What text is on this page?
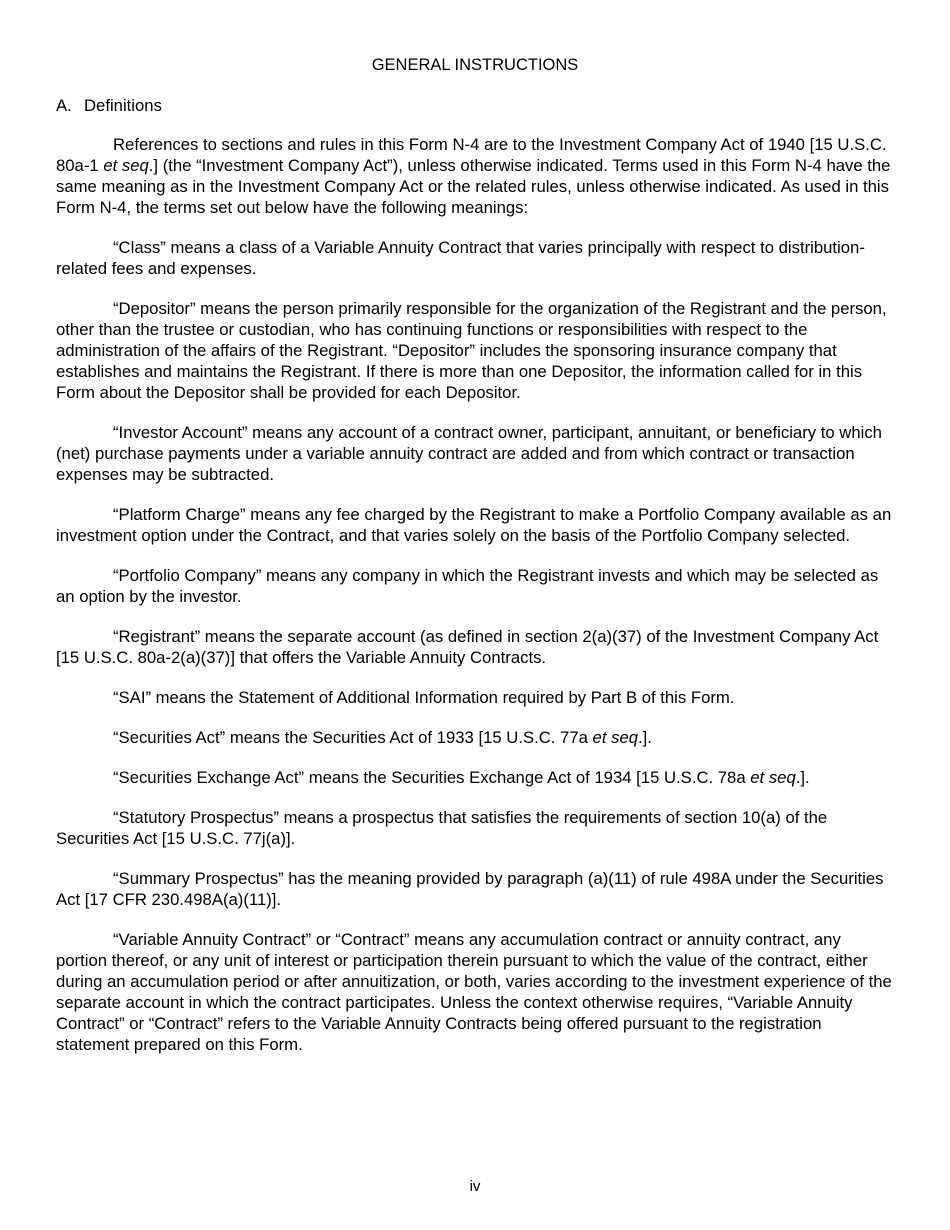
GENERAL INSTRUCTIONS
A. Definitions

References to sections and rules in this Form N-4 are to the Investment Company Act of 1940 [15 U.S.C. 80a-1 et seq.] (the “Investment Company Act”), unless otherwise indicated. Terms used in this Form N-4 have the same meaning as in the Investment Company Act or the related rules, unless otherwise indicated. As used in this Form N-4, the terms set out below have the following meanings:

“Class” means a class of a Variable Annuity Contract that varies principally with respect to distribution-related fees and expenses.

“Depositor” means the person primarily responsible for the organization of the Registrant and the person, other than the trustee or custodian, who has continuing functions or responsibilities with respect to the administration of the affairs of the Registrant. “Depositor” includes the sponsoring insurance company that establishes and maintains the Registrant. If there is more than one Depositor, the information called for in this Form about the Depositor shall be provided for each Depositor.

“Investor Account” means any account of a contract owner, participant, annuitant, or beneficiary to which (net) purchase payments under a variable annuity contract are added and from which contract or transaction expenses may be subtracted.

“Platform Charge” means any fee charged by the Registrant to make a Portfolio Company available as an investment option under the Contract, and that varies solely on the basis of the Portfolio Company selected.

“Portfolio Company” means any company in which the Registrant invests and which may be selected as an option by the investor.

“Registrant” means the separate account (as defined in section 2(a)(37) of the Investment Company Act [15 U.S.C. 80a-2(a)(37)] that offers the Variable Annuity Contracts.

“SAI” means the Statement of Additional Information required by Part B of this Form.

“Securities Act” means the Securities Act of 1933 [15 U.S.C. 77a et seq.].

“Securities Exchange Act” means the Securities Exchange Act of 1934 [15 U.S.C. 78a et seq.].

“Statutory Prospectus” means a prospectus that satisfies the requirements of section 10(a) of the Securities Act [15 U.S.C. 77j(a)].

“Summary Prospectus” has the meaning provided by paragraph (a)(11) of rule 498A under the Securities Act [17 CFR 230.498A(a)(11)].

“Variable Annuity Contract” or “Contract” means any accumulation contract or annuity contract, any portion thereof, or any unit of interest or participation therein pursuant to which the value of the contract, either during an accumulation period or after annuitization, or both, varies according to the investment experience of the separate account in which the contract participates. Unless the context otherwise requires, “Variable Annuity Contract” or “Contract” refers to the Variable Annuity Contracts being offered pursuant to the registration statement prepared on this Form.

iv
